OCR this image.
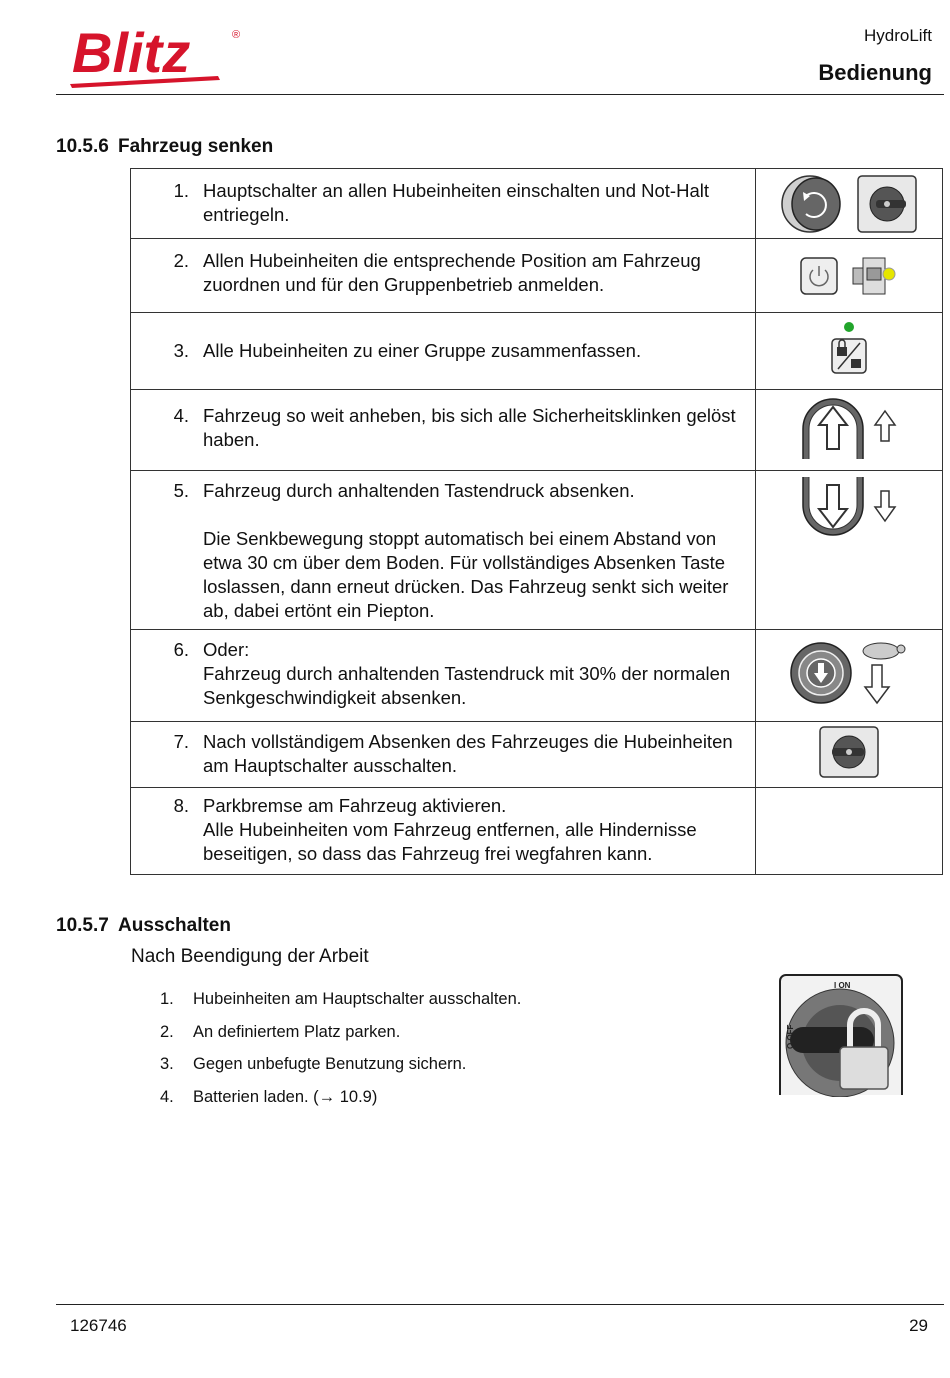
Blitz	®	HydroLift
Bedienung
10.5.6 Fahrzeug senken
1. Hauptschalter an allen Hubeinheiten einschalten und Not-Halt entriegeln.

2. Allen Hubeinheiten die entsprechende Position am Fahrzeug zuordnen und für den Gruppenbetrieb anmelden.

3. Alle Hubeinheiten zu einer Gruppe zusammenfassen.

4. Fahrzeug so weit anheben, bis sich alle Sicherheitsklinken gelöst haben.

5. Fahrzeug durch anhaltenden Tastendruck absenken.
Die Senkbewegung stoppt automatisch bei einem Abstand von etwa 30 cm über dem Boden. Für vollständiges Absenken Taste loslassen, dann erneut drücken. Das Fahrzeug senkt sich weiter ab, dabei ertönt ein Piepton.

6. Oder:
Fahrzeug durch anhaltenden Tastendruck mit 30% der normalen Senkgeschwindigkeit absenken.

7. Nach vollständigem Absenken des Fahrzeuges die Hubeinheiten am Hauptschalter ausschalten.

8. Parkbremse am Fahrzeug aktivieren.
Alle Hubeinheiten vom Fahrzeug entfernen, alle Hindernisse beseitigen, so dass das Fahrzeug frei wegfahren kann.	

10.5.7 Ausschalten
Nach Beendigung der Arbeit
1.	Hubeinheiten am Hauptschalter ausschalten.
2.	An definiertem Platz parken.
3.	Gegen unbefugte Benutzung sichern.
4.	Batterien laden. (→ 10.9)
I ON
O OFF
126746	29
